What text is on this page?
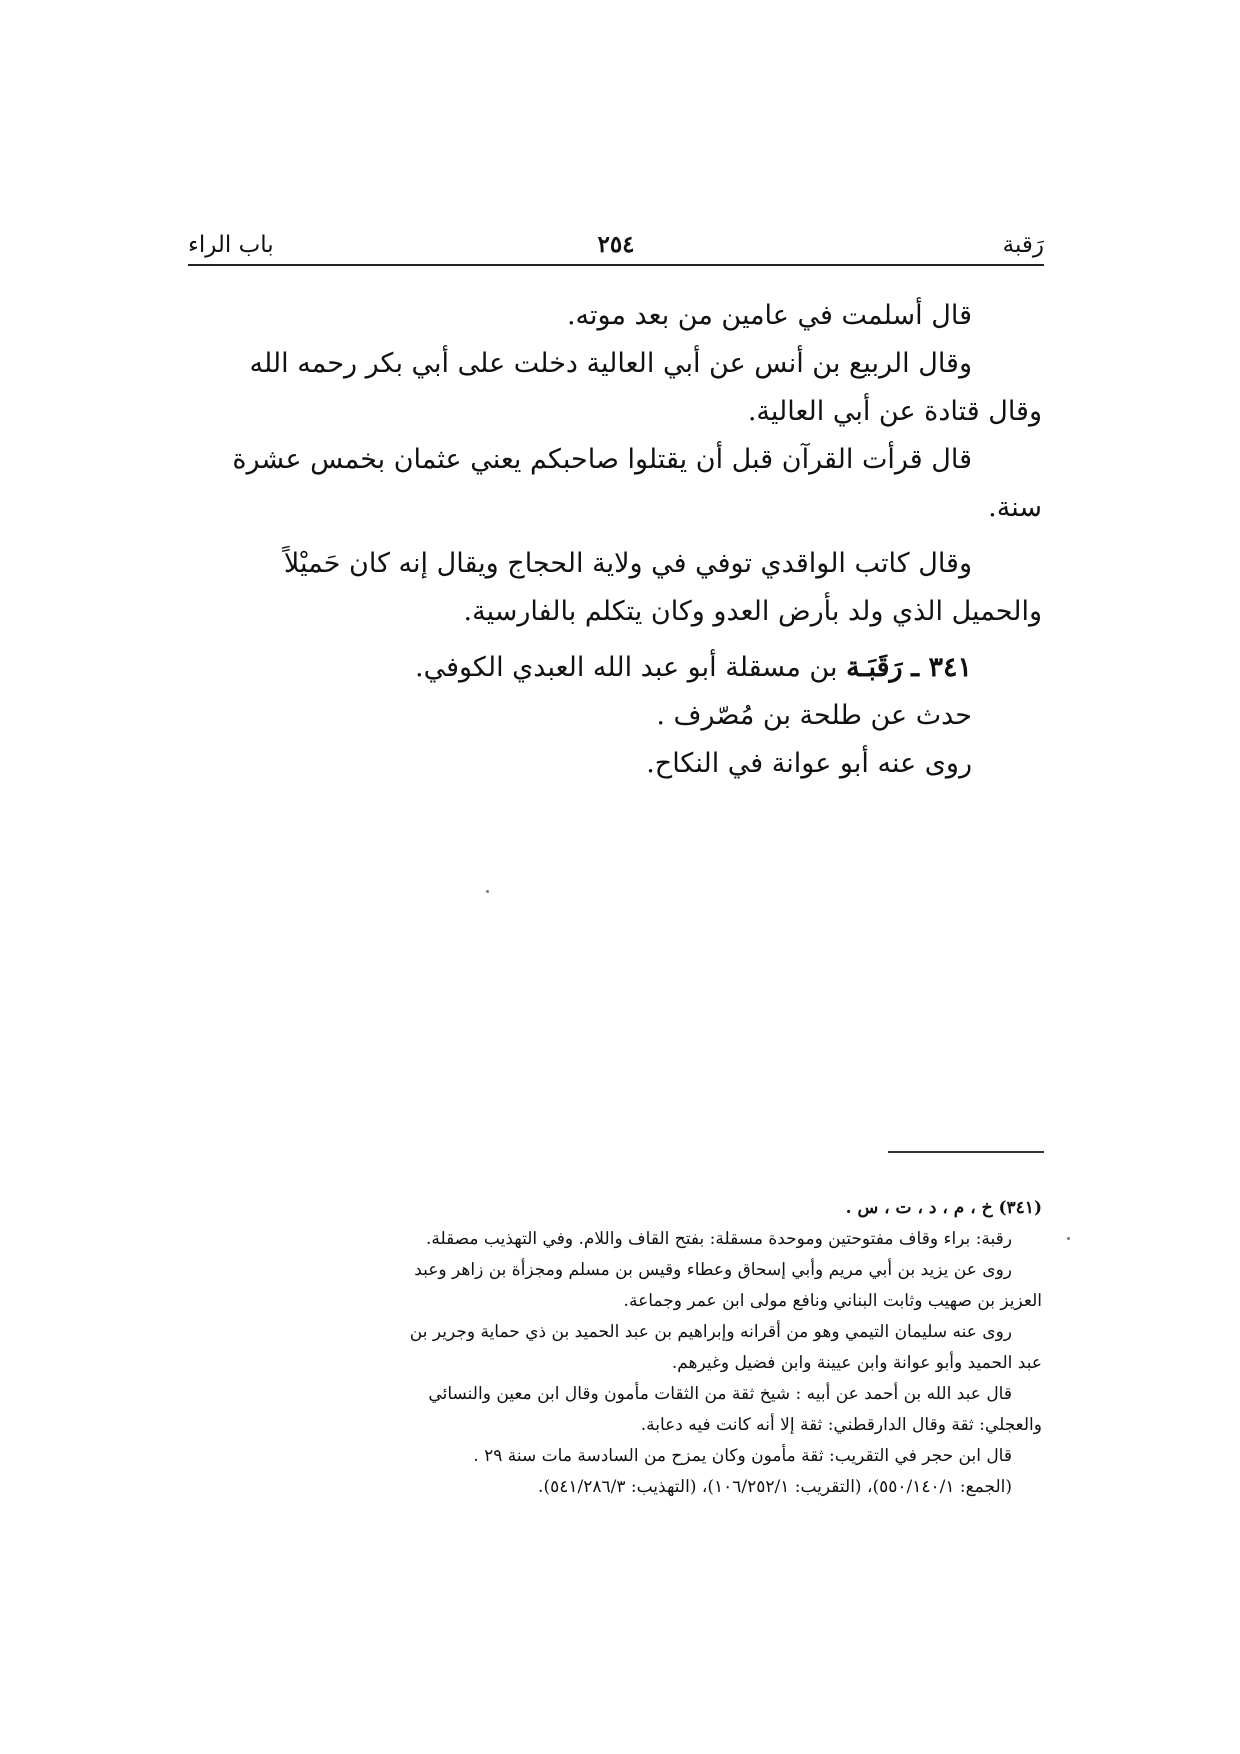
رَقبة
٢٥٤
باب الراء

قال أسلمت في عامين من بعد موته.

وقال الربيع بن أنس عن أبي العالية دخلت على أبي بكر رحمه الله

وقال قتادة عن أبي العالية.

قال قرأت القرآن قبل أن يقتلوا صاحبكم يعني عثمان بخمس عشرة

سنة.

وقال كاتب الواقدي توفي في ولاية الحجاج ويقال إنه كان حَميْلاً

والحميل الذي ولد بأرض العدو وكان يتكلم بالفارسية.

٣٤١ ـ رَقَبَـة بن مسقلة أبو عبد الله العبدي الكوفي.

حدث عن طلحة بن مُصّرف .

روى عنه أبو عوانة في النكاح.

(٣٤١) خ ، م ، د ، ت ، س .

رقبة: براء وقاف مفتوحتين وموحدة مسقلة: بفتح القاف واللام. وفي التهذيب مصقلة.

روى عن يزيد بن أبي مريم وأبي إسحاق وعطاء وقيس بن مسلم ومجزأة بن زاهر وعبد

العزيز بن صهيب وثابت البناني ونافع مولى ابن عمر وجماعة.

روى عنه سليمان التيمي وهو من أقرانه وإبراهيم بن عبد الحميد بن ذي حماية وجرير بن

عبد الحميد وأبو عوانة وابن عيينة وابن فضيل وغيرهم.

قال عبد الله بن أحمد عن أبيه : شيخ ثقة من الثقات مأمون وقال ابن معين والنسائي

والعجلي: ثقة وقال الدارقطني: ثقة إلا أنه كانت فيه دعابة.

قال ابن حجر في التقريب: ثقة مأمون وكان يمزح من السادسة مات سنة ٢٩ .

(الجمع: ٥٥٠/١٤٠/١)، (التقريب: ١٠٦/٢٥٢/١)، (التهذيب: ٥٤١/٢٨٦/٣).
